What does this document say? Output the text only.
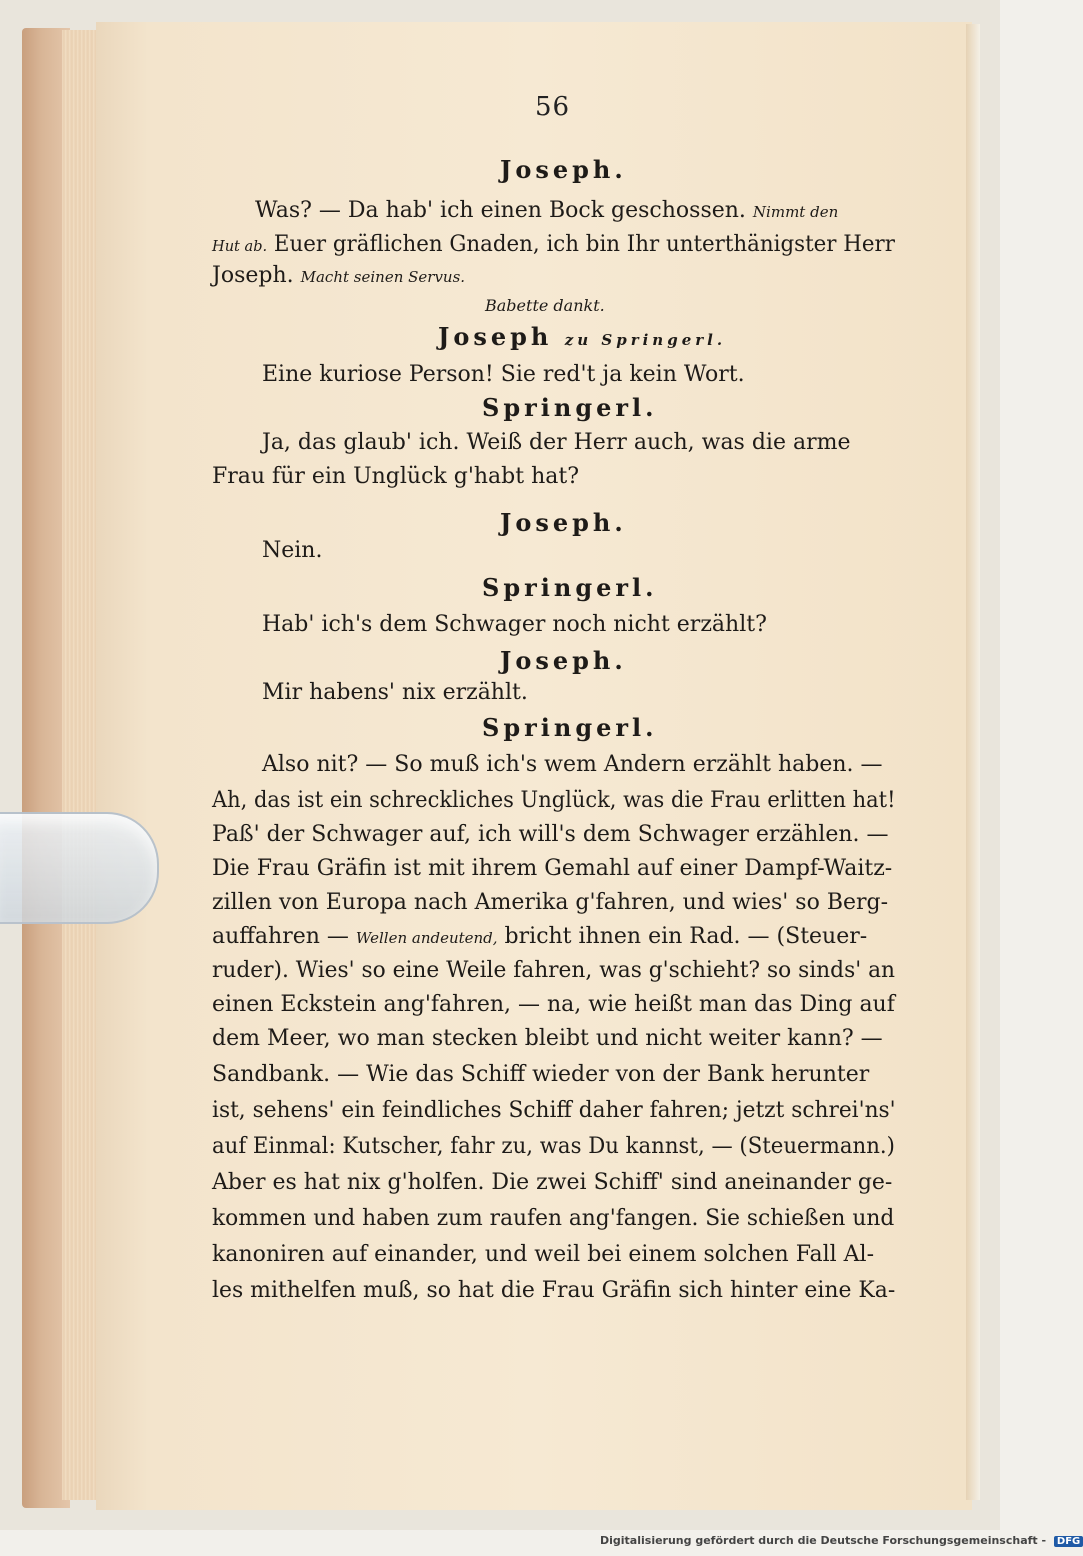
56
Joseph.
Was? — Da hab' ich einen Bock geschossen. Nimmt den
Hut ab. Euer gräflichen Gnaden, ich bin Ihr unterthänigster Herr
Joseph. Macht seinen Servus.
Babette dankt.
Joseph zu Springerl.
Eine kuriose Person! Sie red't ja kein Wort.
Springerl.
Ja, das glaub' ich. Weiß der Herr auch, was die arme
Frau für ein Unglück g'habt hat?
Joseph.
Nein.
Springerl.
Hab' ich's dem Schwager noch nicht erzählt?
Joseph.
Mir habens' nix erzählt.
Springerl.
Also nit? — So muß ich's wem Andern erzählt haben. —
Ah, das ist ein schreckliches Unglück, was die Frau erlitten hat!
Paß' der Schwager auf, ich will's dem Schwager erzählen. —
Die Frau Gräfin ist mit ihrem Gemahl auf einer Dampf-Waitz-
zillen von Europa nach Amerika g'fahren, und wies' so Berg-
auffahren — Wellen andeutend, bricht ihnen ein Rad. — (Steuer-
ruder). Wies' so eine Weile fahren, was g'schieht? so sinds' an
einen Eckstein ang'fahren, — na, wie heißt man das Ding auf
dem Meer, wo man stecken bleibt und nicht weiter kann? —
Sandbank. — Wie das Schiff wieder von der Bank herunter
ist, sehens' ein feindliches Schiff daher fahren; jetzt schrei'ns'
auf Einmal: Kutscher, fahr zu, was Du kannst, — (Steuermann.)
Aber es hat nix g'holfen. Die zwei Schiff' sind aneinander ge-
kommen und haben zum raufen ang'fangen. Sie schießen und
kanoniren auf einander, und weil bei einem solchen Fall Al-
les mithelfen muß, so hat die Frau Gräfin sich hinter eine Ka-
Digitalisierung gefördert durch die Deutsche Forschungsgemeinschaft - DFG
